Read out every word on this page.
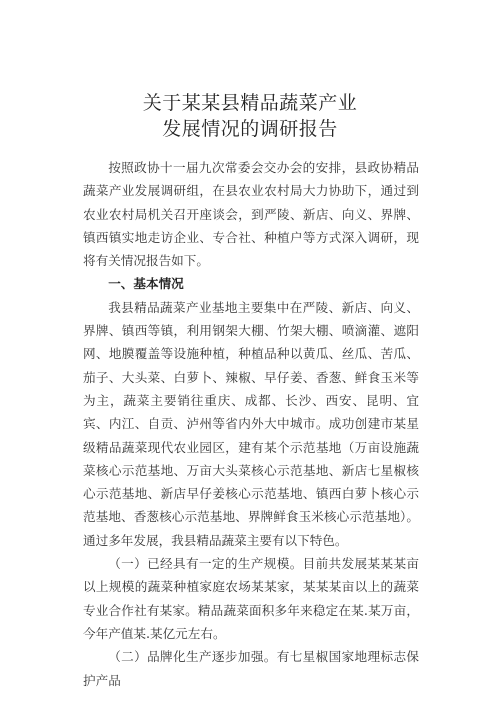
关于某某县精品蔬菜产业
发展情况的调研报告

按照政协十一届九次常委会交办会的安排，县政协精品蔬菜产业发展调研组，在县农业农村局大力协助下，通过到农业农村局机关召开座谈会，到严陵、新店、向义、界牌、镇西镇实地走访企业、专合社、种植户等方式深入调研，现将有关情况报告如下。

一、基本情况

我县精品蔬菜产业基地主要集中在严陵、新店、向义、界牌、镇西等镇，利用钢架大棚、竹架大棚、喷滴灌、遮阳网、地膜覆盖等设施种植，种植品种以黄瓜、丝瓜、苦瓜、茄子、大头菜、白萝卜、辣椒、早仔姜、香葱、鲜食玉米等为主，蔬菜主要销往重庆、成都、长沙、西安、昆明、宜宾、内江、自贡、泸州等省内外大中城市。成功创建市某星级精品蔬菜现代农业园区，建有某个示范基地（万亩设施蔬菜核心示范基地、万亩大头菜核心示范基地、新店七星椒核心示范基地、新店早仔姜核心示范基地、镇西白萝卜核心示范基地、香葱核心示范基地、界牌鲜食玉米核心示范基地）。通过多年发展，我县精品蔬菜主要有以下特色。

（一）已经具有一定的生产规模。目前共发展某某某亩以上规模的蔬菜种植家庭农场某某家，某某某亩以上的蔬菜专业合作社有某家。精品蔬菜面积多年来稳定在某.某万亩，今年产值某.某亿元左右。

（二）品牌化生产逐步加强。有七星椒国家地理标志保护产品
